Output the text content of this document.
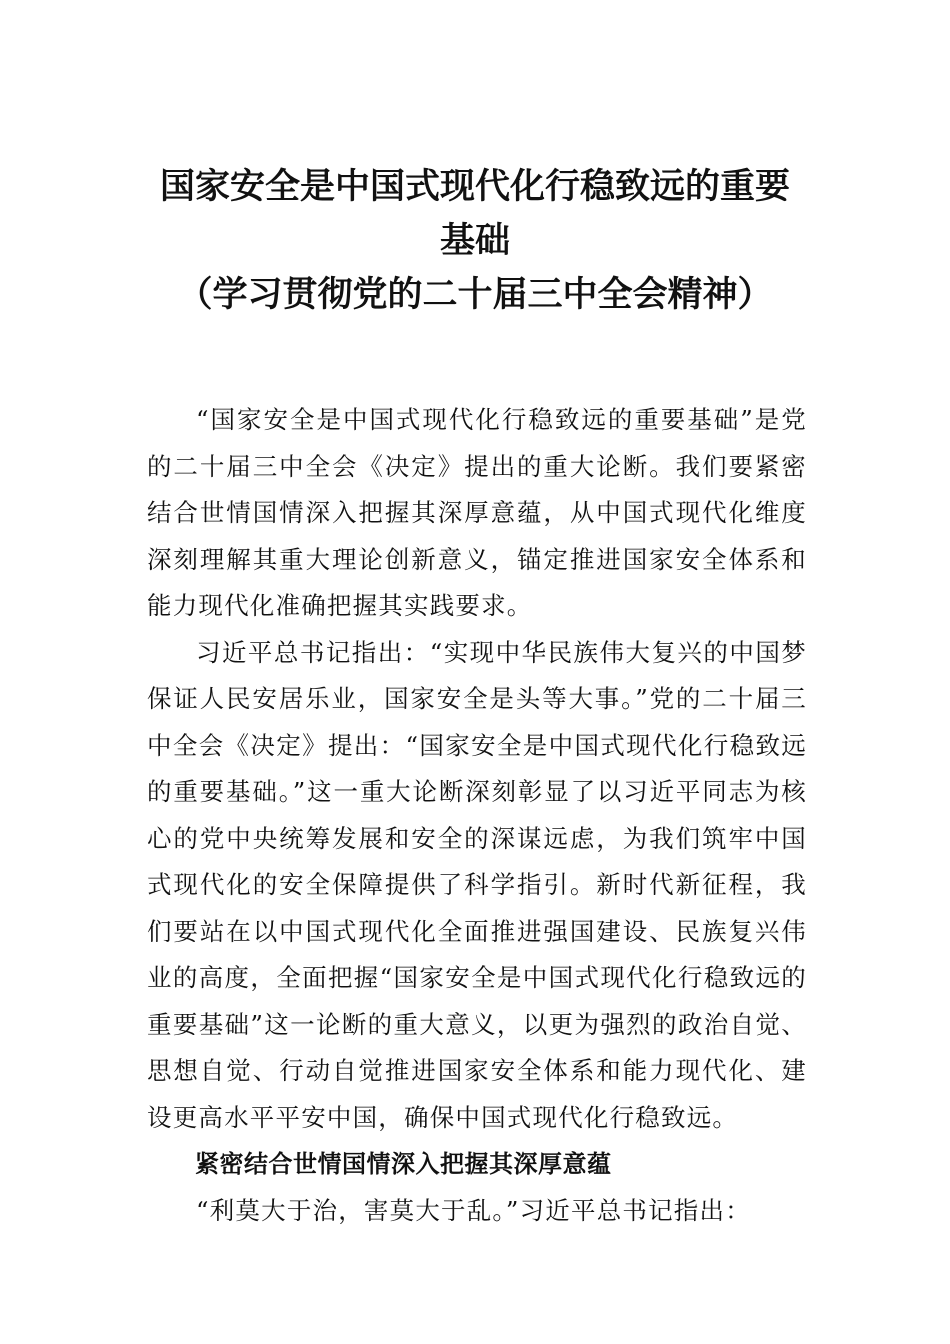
国家安全是中国式现代化行稳致远的重要
基础
（学习贯彻党的二十届三中全会精神）

“国家安全是中国式现代化行稳致远的重要基础”是党的二十届三中全会《决定》提出的重大论断。我们要紧密结合世情国情深入把握其深厚意蕴，从中国式现代化维度深刻理解其重大理论创新意义，锚定推进国家安全体系和能力现代化准确把握其实践要求。

习近平总书记指出：“实现中华民族伟大复兴的中国梦保证人民安居乐业，国家安全是头等大事。”党的二十届三中全会《决定》提出：“国家安全是中国式现代化行稳致远的重要基础。”这一重大论断深刻彰显了以习近平同志为核心的党中央统筹发展和安全的深谋远虑，为我们筑牢中国式现代化的安全保障提供了科学指引。新时代新征程，我们要站在以中国式现代化全面推进强国建设、民族复兴伟业的高度，全面把握“国家安全是中国式现代化行稳致远的重要基础”这一论断的重大意义，以更为强烈的政治自觉、思想自觉、行动自觉推进国家安全体系和能力现代化、建设更高水平平安中国，确保中国式现代化行稳致远。

紧密结合世情国情深入把握其深厚意蕴

“利莫大于治，害莫大于乱。”习近平总书记指出：
